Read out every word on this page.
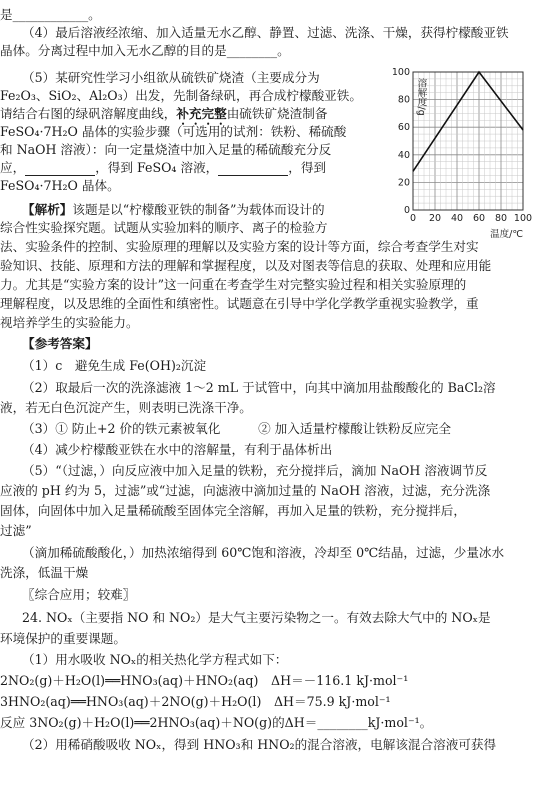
是____________。
（4）最后溶液经浓缩、加入适量无水乙醇、静置、过滤、洗涤、干燥，获得柠檬酸亚铁
晶体。分离过程中加入无水乙醇的目的是________。
（5）某研究性学习小组欲从硫铁矿烧渣（主要成分为
Fe₂O₃、SiO₂、Al₂O₃）出发，先制备绿矾，再合成柠檬酸亚铁。
请结合右图的绿矾溶解度曲线，补充完整由硫铁矿烧渣制备
FeSO₄·7H₂O 晶体的实验步骤（可选用的试剂：铁粉、稀硫酸
和 NaOH 溶液）：向一定量烧渣中加入足量的稀硫酸充分反
应，	，得到 FeSO₄ 溶液，	，得到
FeSO₄·7H₂O 晶体。
【解析】该题是以“柠檬酸亚铁的制备”为载体而设计的
综合性实验探究题。试题从实验加料的顺序、离子的检验方
法、实验条件的控制、实验原理的理解以及实验方案的设计等方面，综合考查学生对实
验知识、技能、原理和方法的理解和掌握程度，以及对图表等信息的获取、处理和应用能
力。尤其是“实验方案的设计”这一问重在考查学生对完整实验过程和相关实验原理的
理解程度，以及思维的全面性和缜密性。试题意在引导中学化学教学重视实验教学，重
视培养学生的实验能力。
【参考答案】
（1）c　避免生成 Fe(OH)₂沉淀
（2）取最后一次的洗涤滤液 1～2 mL 于试管中，向其中滴加用盐酸酸化的 BaCl₂溶
液，若无白色沉淀产生，则表明已洗涤干净。
（3）① 防止+2 价的铁元素被氧化　　　② 加入适量柠檬酸让铁粉反应完全
（4）减少柠檬酸亚铁在水中的溶解量，有利于晶体析出
（5）“（过滤，）向反应液中加入足量的铁粉，充分搅拌后，滴加 NaOH 溶液调节反
应液的 pH 约为 5，过滤”或“过滤，向滤液中滴加过量的 NaOH 溶液，过滤，充分洗涤
固体，向固体中加入足量稀硫酸至固体完全溶解，再加入足量的铁粉，充分搅拌后，
过滤”
（滴加稀硫酸酸化，）加热浓缩得到 60℃饱和溶液，冷却至 0℃结晶，过滤，少量冰水
洗涤，低温干燥
〖综合应用；较难〗
24. NOₓ（主要指 NO 和 NO₂）是大气主要污染物之一。有效去除大气中的 NOₓ是
环境保护的重要课题。
（1）用水吸收 NOₓ的相关热化学方程式如下：
2NO₂(g)＋H₂O(l)══HNO₃(aq)＋HNO₂(aq)　ΔH＝－116.1 kJ·mol⁻¹
3HNO₂(aq)══HNO₃(aq)＋2NO(g)＋H₂O(l)　ΔH＝75.9 kJ·mol⁻¹
反应 3NO₂(g)＋H₂O(l)══2HNO₃(aq)＋NO(g)的ΔH＝________kJ·mol⁻¹。
（2）用稀硝酸吸收 NOₓ，得到 HNO₃和 HNO₂的混合溶液，电解该混合溶液可获得
0 20 40 60 80 100
0
20
40
60
80
100
溶解度/g
温度/℃
